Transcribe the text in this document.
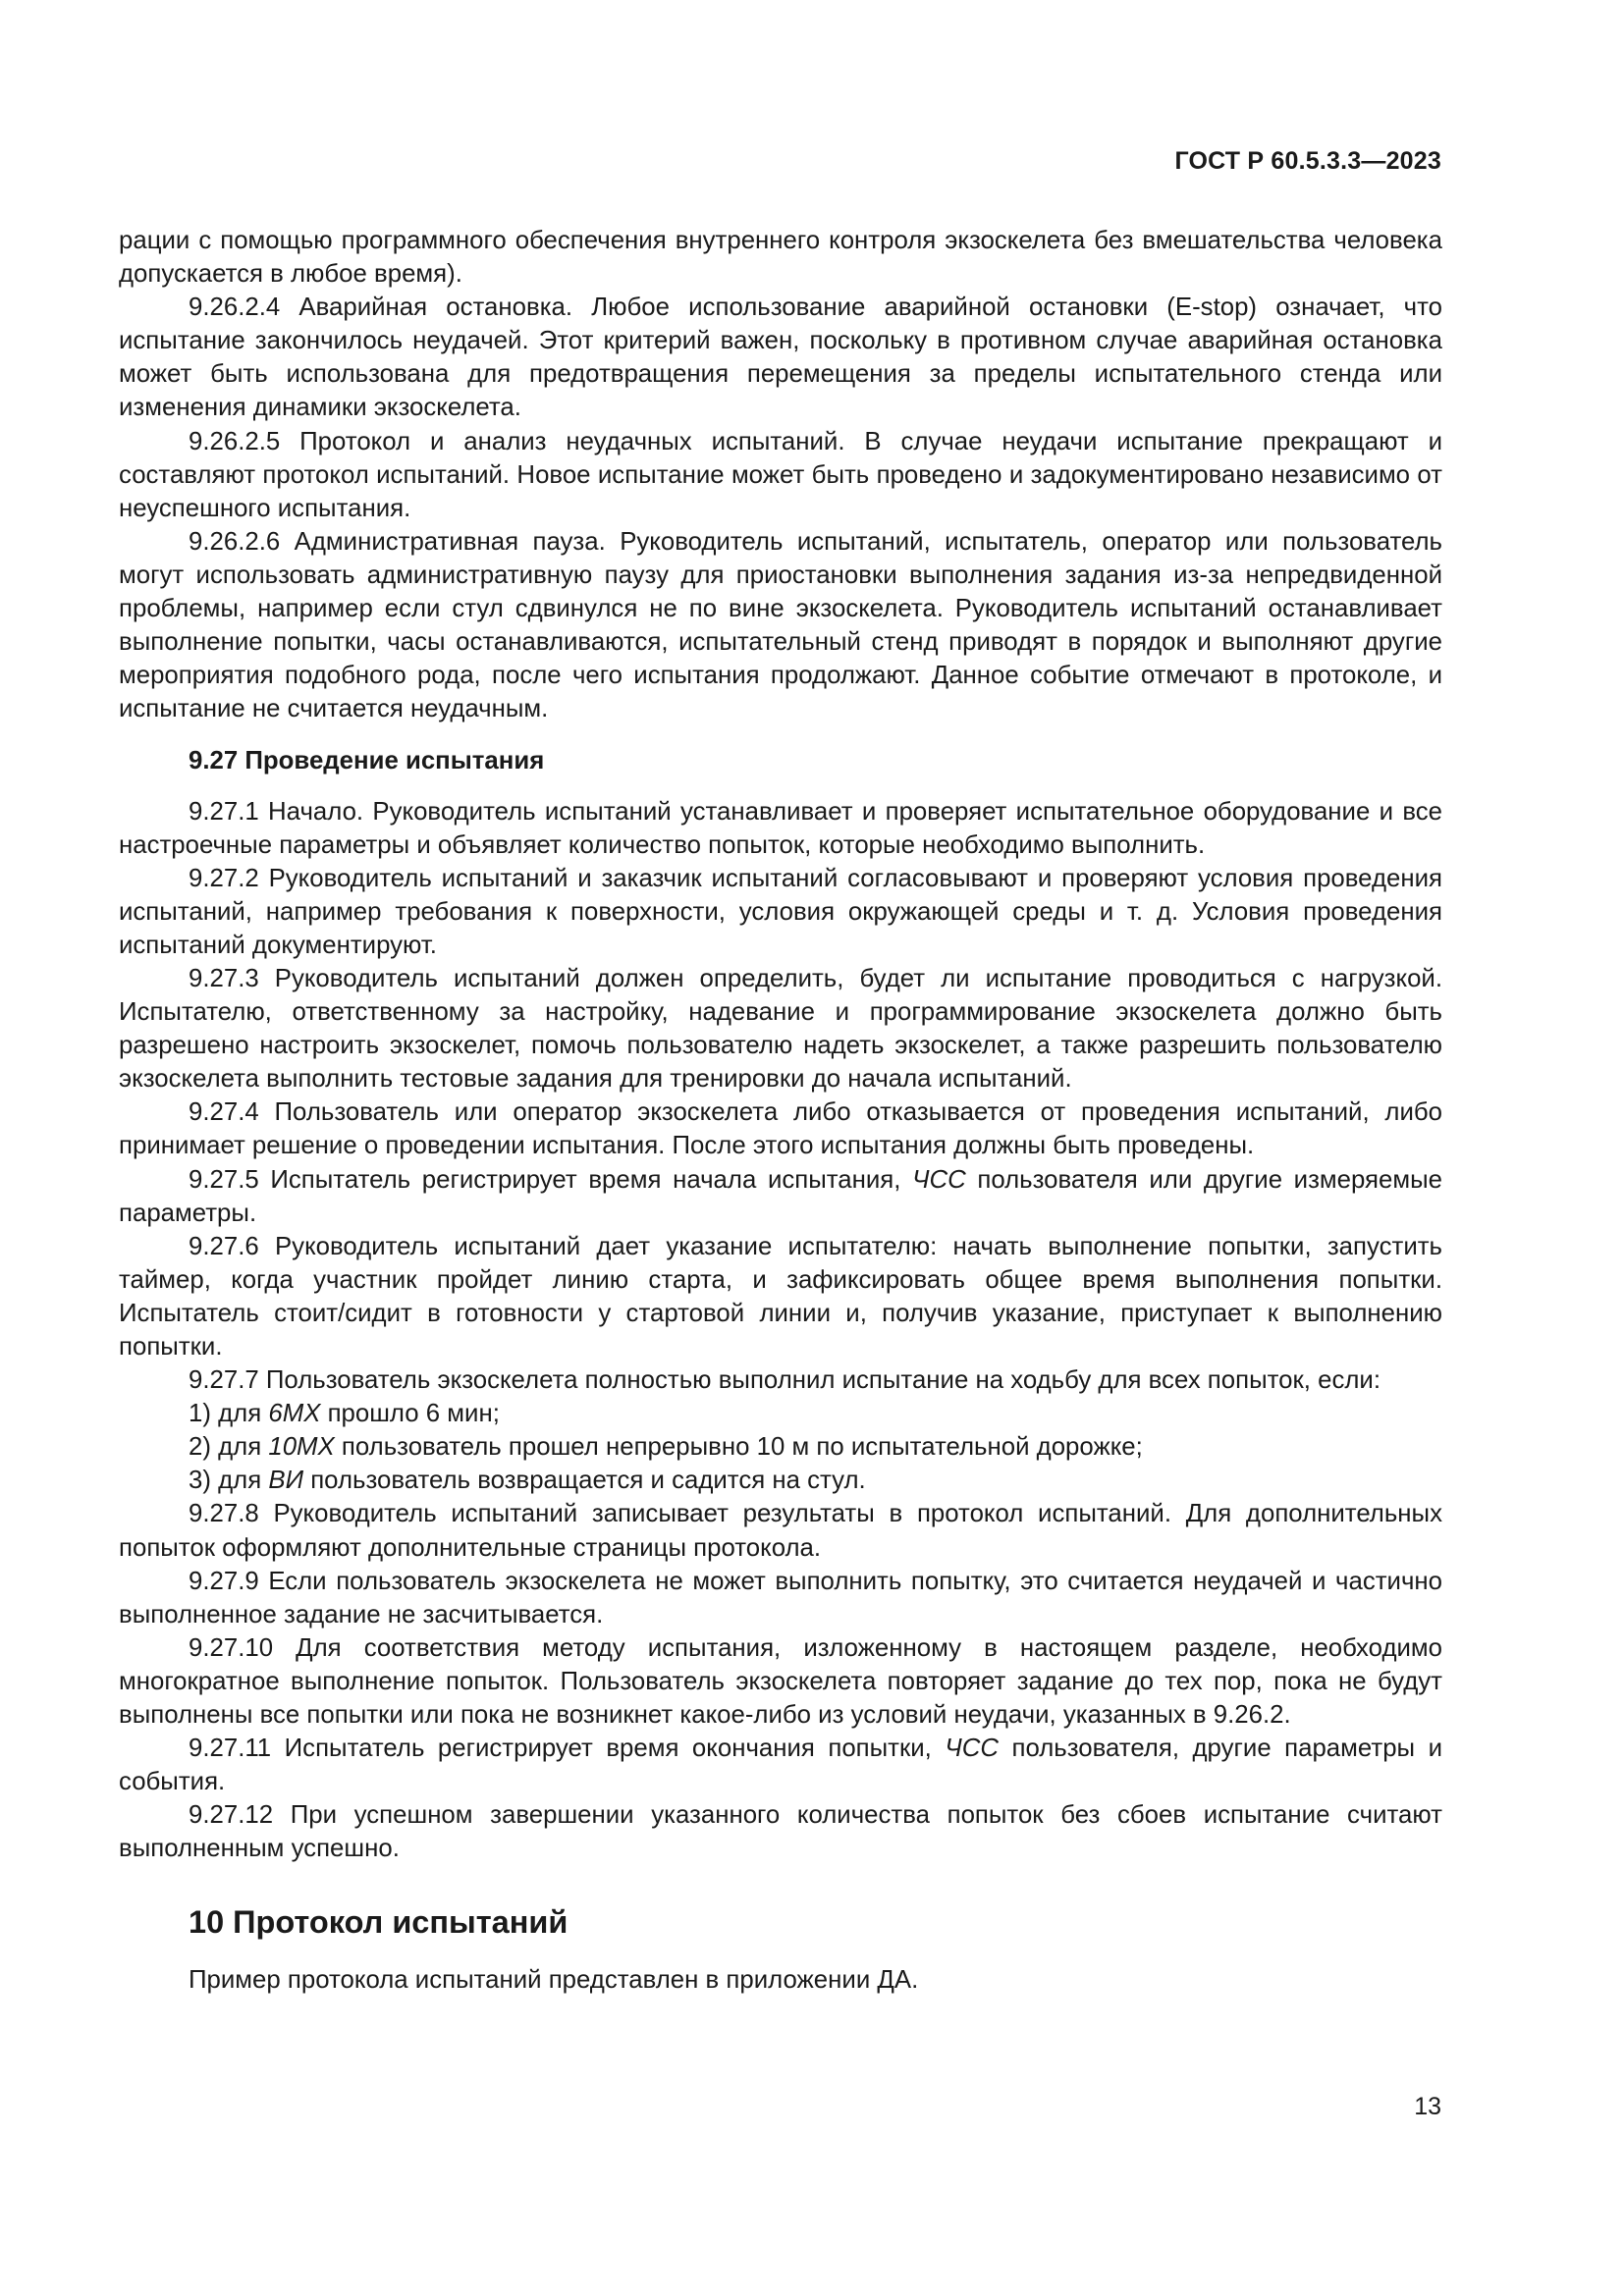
ГОСТ Р 60.5.3.3—2023

рации с помощью программного обеспечения внутреннего контроля экзоскелета без вмешательства человека допускается в любое время).

9.26.2.4 Аварийная остановка. Любое использование аварийной остановки (E-stop) означает, что испытание закончилось неудачей. Этот критерий важен, поскольку в противном случае аварийная остановка может быть использована для предотвращения перемещения за пределы испытательного стенда или изменения динамики экзоскелета.

9.26.2.5 Протокол и анализ неудачных испытаний. В случае неудачи испытание прекращают и составляют протокол испытаний. Новое испытание может быть проведено и задокументировано независимо от неуспешного испытания.

9.26.2.6 Административная пауза. Руководитель испытаний, испытатель, оператор или пользователь могут использовать административную паузу для приостановки выполнения задания из-за непредвиденной проблемы, например если стул сдвинулся не по вине экзоскелета. Руководитель испытаний останавливает выполнение попытки, часы останавливаются, испытательный стенд приводят в порядок и выполняют другие мероприятия подобного рода, после чего испытания продолжают. Данное событие отмечают в протоколе, и испытание не считается неудачным.

9.27 Проведение испытания

9.27.1 Начало. Руководитель испытаний устанавливает и проверяет испытательное оборудование и все настроечные параметры и объявляет количество попыток, которые необходимо выполнить.

9.27.2 Руководитель испытаний и заказчик испытаний согласовывают и проверяют условия проведения испытаний, например требования к поверхности, условия окружающей среды и т. д. Условия проведения испытаний документируют.

9.27.3 Руководитель испытаний должен определить, будет ли испытание проводиться с нагрузкой. Испытателю, ответственному за настройку, надевание и программирование экзоскелета должно быть разрешено настроить экзоскелет, помочь пользователю надеть экзоскелет, а также разрешить пользователю экзоскелета выполнить тестовые задания для тренировки до начала испытаний.

9.27.4 Пользователь или оператор экзоскелета либо отказывается от проведения испытаний, либо принимает решение о проведении испытания. После этого испытания должны быть проведены.

9.27.5 Испытатель регистрирует время начала испытания, ЧСС пользователя или другие измеряемые параметры.

9.27.6 Руководитель испытаний дает указание испытателю: начать выполнение попытки, запустить таймер, когда участник пройдет линию старта, и зафиксировать общее время выполнения попытки. Испытатель стоит/сидит в готовности у стартовой линии и, получив указание, приступает к выполнению попытки.

9.27.7 Пользователь экзоскелета полностью выполнил испытание на ходьбу для всех попыток, если:

1) для 6МХ прошло 6 мин;

2) для 10МХ пользователь прошел непрерывно 10 м по испытательной дорожке;

3) для ВИ пользователь возвращается и садится на стул.

9.27.8 Руководитель испытаний записывает результаты в протокол испытаний. Для дополнительных попыток оформляют дополнительные страницы протокола.

9.27.9 Если пользователь экзоскелета не может выполнить попытку, это считается неудачей и частично выполненное задание не засчитывается.

9.27.10 Для соответствия методу испытания, изложенному в настоящем разделе, необходимо многократное выполнение попыток. Пользователь экзоскелета повторяет задание до тех пор, пока не будут выполнены все попытки или пока не возникнет какое-либо из условий неудачи, указанных в 9.26.2.

9.27.11 Испытатель регистрирует время окончания попытки, ЧСС пользователя, другие параметры и события.

9.27.12 При успешном завершении указанного количества попыток без сбоев испытание считают выполненным успешно.

10 Протокол испытаний

Пример протокола испытаний представлен в приложении ДА.

13
